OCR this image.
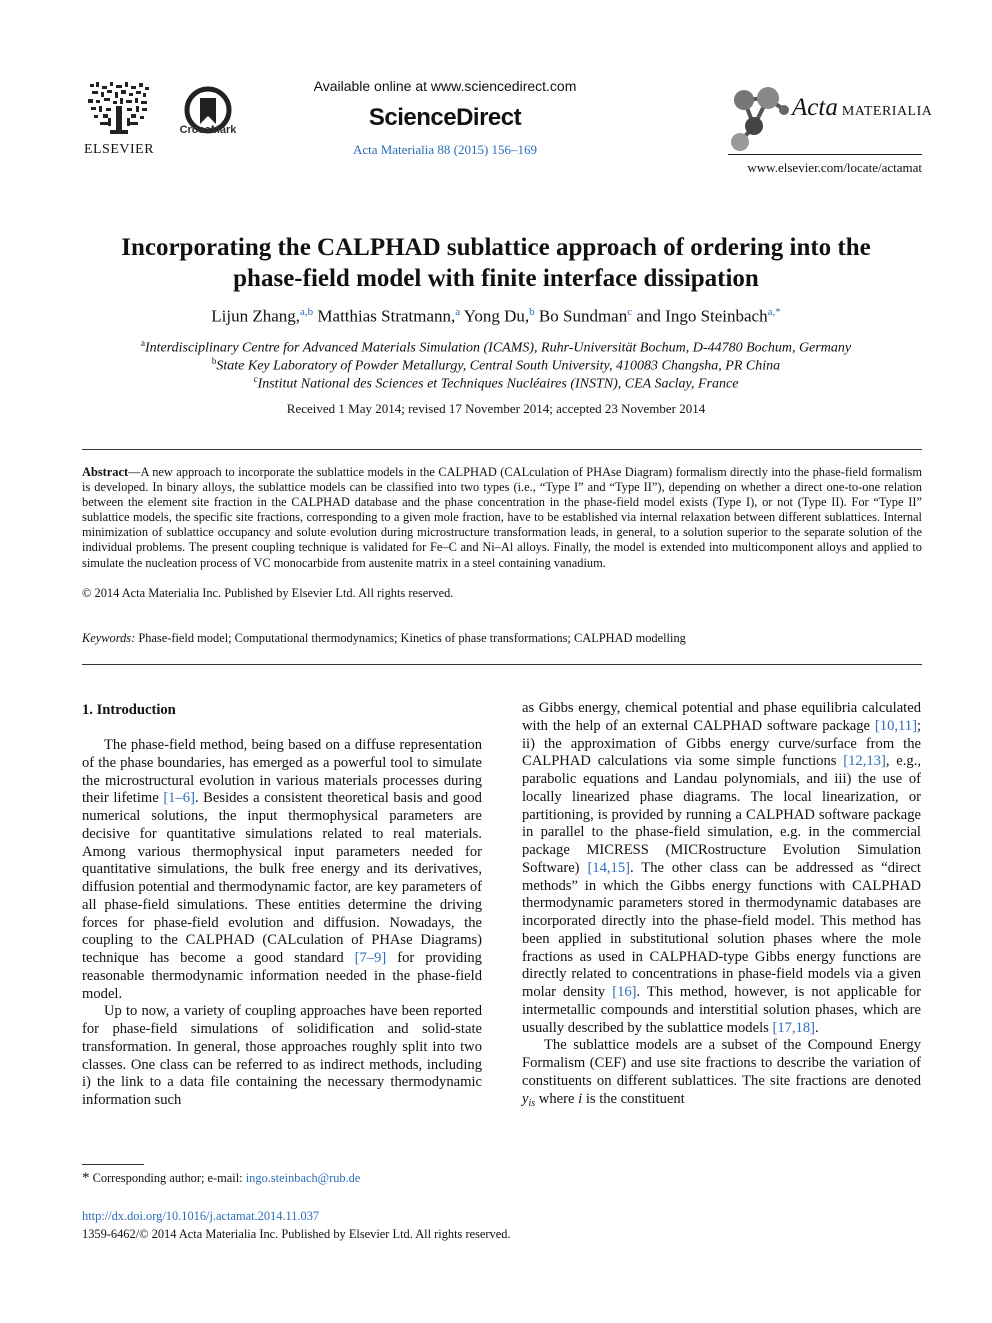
ELSEVIER
CrossMark
Available online at www.sciencedirect.com
ScienceDirect
Acta Materialia 88 (2015) 156–169
Acta MATERIALIA
www.elsevier.com/locate/actamat
Incorporating the CALPHAD sublattice approach of ordering into the
phase-field model with finite interface dissipation
Lijun Zhang,$^{a,b}$ Matthias Stratmann,$^a$ Yong Du,$^b$ Bo Sundman$^c$ and Ingo Steinbach$^{a,*}$
$^a$Interdisciplinary Centre for Advanced Materials Simulation (ICAMS), Ruhr-Universität Bochum, D-44780 Bochum, Germany
$^b$State Key Laboratory of Powder Metallurgy, Central South University, 410083 Changsha, PR China
$^c$Institut National des Sciences et Techniques Nucléaires (INSTN), CEA Saclay, France
Received 1 May 2014; revised 17 November 2014; accepted 23 November 2014
Abstract—A new approach to incorporate the sublattice models in the CALPHAD (CALculation of PHAse Diagram) formalism directly into the phase-field formalism is developed. In binary alloys, the sublattice models can be classified into two types (i.e., “Type I” and “Type II”), depending on whether a direct one-to-one relation between the element site fraction in the CALPHAD database and the phase concentration in the phase-field model exists (Type I), or not (Type II). For “Type II” sublattice models, the specific site fractions, corresponding to a given mole fraction, have to be established via internal relaxation between different sublattices. Internal minimization of sublattice occupancy and solute evolution during microstructure transformation leads, in general, to a solution superior to the separate solution of the individual problems. The present coupling technique is validated for Fe–C and Ni–Al alloys. Finally, the model is extended into multicomponent alloys and applied to simulate the nucleation process of VC monocarbide from austenite matrix in a steel containing vanadium.
© 2014 Acta Materialia Inc. Published by Elsevier Ltd. All rights reserved.
Keywords: Phase-field model; Computational thermodynamics; Kinetics of phase transformations; CALPHAD modelling
1. Introduction

The phase-field method, being based on a diffuse representation of the phase boundaries, has emerged as a powerful tool to simulate the microstructural evolution in various materials processes during their lifetime [1–6]. Besides a consistent theoretical basis and good numerical solutions, the input thermophysical parameters are decisive for quantitative simulations related to real materials. Among various thermophysical input parameters needed for quantitative simulations, the bulk free energy and its derivatives, diffusion potential and thermodynamic factor, are key parameters of all phase-field simulations. These entities determine the driving forces for phase-field evolution and diffusion. Nowadays, the coupling to the CALPHAD (CALculation of PHAse Diagrams) technique has become a good standard [7–9] for providing reasonable thermodynamic information needed in the phase-field model.

Up to now, a variety of coupling approaches have been reported for phase-field simulations of solidification and solid-state transformation. In general, those approaches roughly split into two classes. One class can be referred to as indirect methods, including i) the link to a data file containing the necessary thermodynamic information such

as Gibbs energy, chemical potential and phase equilibria calculated with the help of an external CALPHAD software package [10,11]; ii) the approximation of Gibbs energy curve/surface from the CALPHAD calculations via some simple functions [12,13], e.g., parabolic equations and Landau polynomials, and iii) the use of locally linearized phase diagrams. The local linearization, or partitioning, is provided by running a CALPHAD software package in parallel to the phase-field simulation, e.g. in the commercial package MICRESS (MICRostructure Evolution Simulation Software) [14,15]. The other class can be addressed as “direct methods” in which the Gibbs energy functions with CALPHAD thermodynamic parameters stored in thermodynamic databases are incorporated directly into the phase-field model. This method has been applied in substitutional solution phases where the mole fractions as used in CALPHAD-type Gibbs energy functions are directly related to concentrations in phase-field models via a given molar density [16]. This method, however, is not applicable for intermetallic compounds and interstitial solution phases, which are usually described by the sublattice models [17,18].

The sublattice models are a subset of the Compound Energy Formalism (CEF) and use site fractions to describe the variation of constituents on different sublattices. The site fractions are denoted $y_{is}$ where i is the constituent

* Corresponding author; e-mail: ingo.steinbach@rub.de
http://dx.doi.org/10.1016/j.actamat.2014.11.037
1359-6462/© 2014 Acta Materialia Inc. Published by Elsevier Ltd. All rights reserved.
